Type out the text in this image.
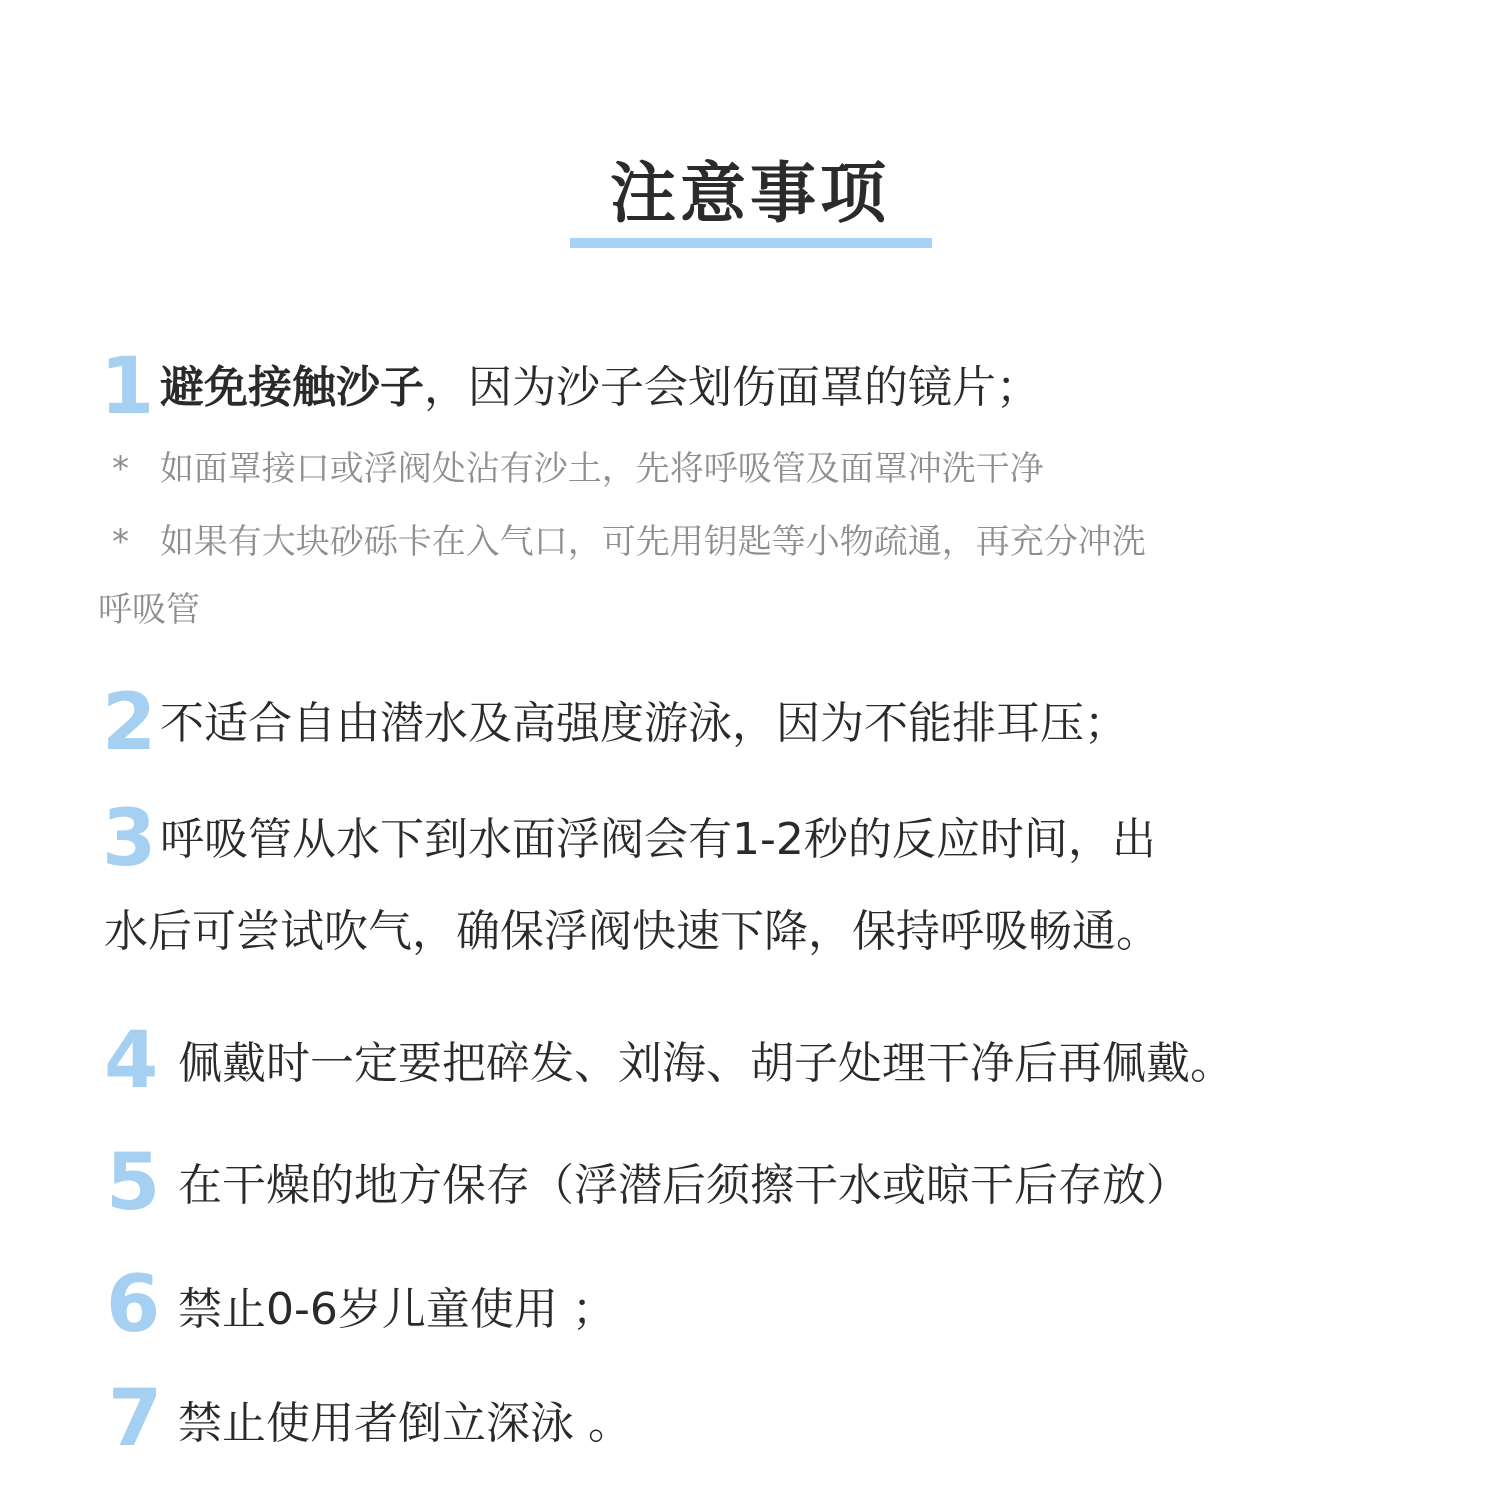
注意事项
1 避免接触沙子，因为沙子会划伤面罩的镜片；
* 如面罩接口或浮阀处沾有沙土，先将呼吸管及面罩冲洗干净
* 如果有大块砂砾卡在入气口，可先用钥匙等小物疏通，再充分冲洗
呼吸管
2 不适合自由潜水及高强度游泳，因为不能排耳压；
3 呼吸管从水下到水面浮阀会有1-2秒的反应时间，出
水后可尝试吹气，确保浮阀快速下降，保持呼吸畅通。
4 佩戴时一定要把碎发、刘海、胡子处理干净后再佩戴。
5 在干燥的地方保存（浮潜后须擦干水或晾干后存放）
6 禁止0-6岁儿童使用 ；
7 禁止使用者倒立深泳 。
